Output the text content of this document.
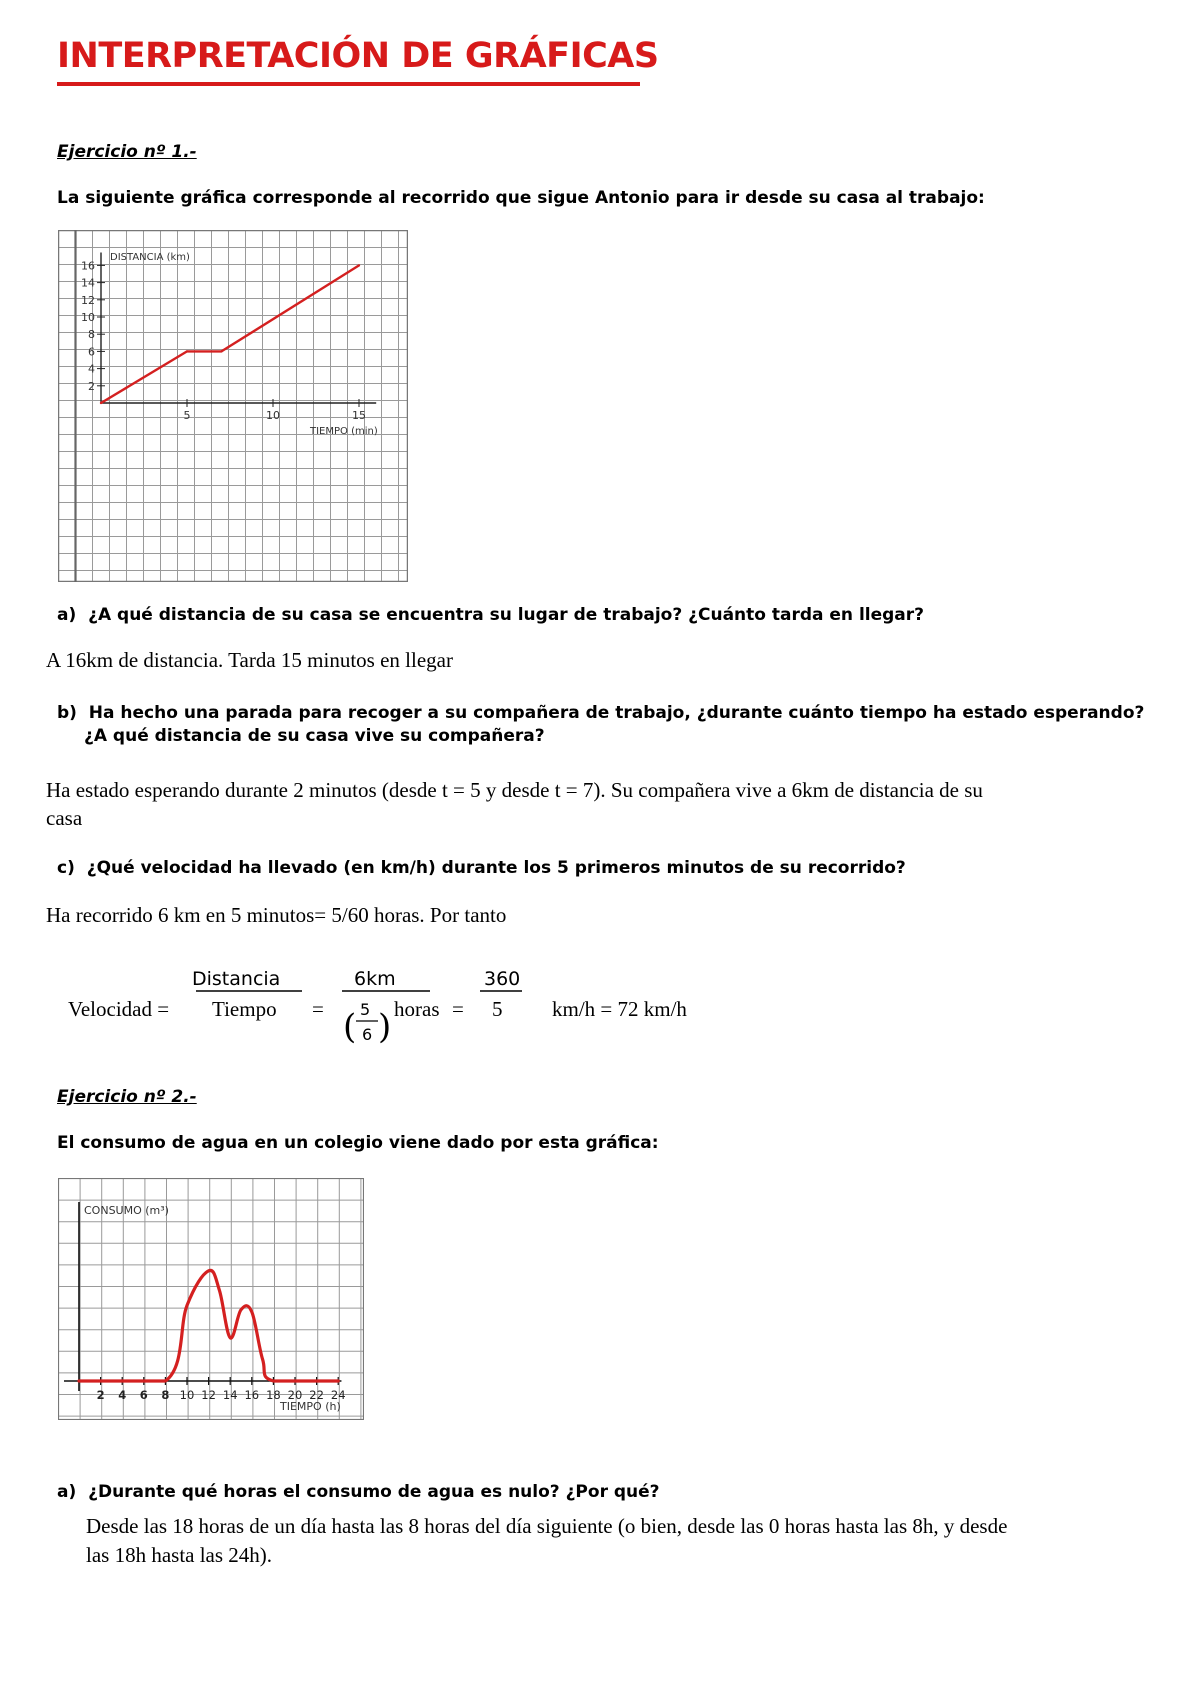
INTERPRETACIÓN DE GRÁFICAS
Ejercicio nº 1.-
La siguiente gráfica corresponde al recorrido que sigue Antonio para ir desde su casa al trabajo:
2
4
6
8
10
12
14
16
5	10	15
DISTANCIA (km)
TIEMPO (min)
a) ¿A qué distancia de su casa se encuentra su lugar de trabajo? ¿Cuánto tarda en llegar?
A 16km de distancia. Tarda 15 minutos en llegar
b) Ha hecho una parada para recoger a su compañera de trabajo, ¿durante cuánto tiempo ha estado esperando?
¿A qué distancia de su casa vive su compañera?
Ha estado esperando durante 2 minutos (desde t = 5 y desde t = 7). Su compañera vive a 6km de distancia de su
casa
c) ¿Qué velocidad ha llevado (en km/h) durante los 5 primeros minutos de su recorrido?
Ha recorrido 6 km en 5 minutos= 5/60 horas. Por tanto
Velocidad =
Distancia
Tiempo =
6km
( 5
6 ) horas =
360
5 km/h = 72 km/h
Ejercicio nº 2.-
El consumo de agua en un colegio viene dado por esta gráfica:
2 4 6 8 10 12 14 16 18 20 22 24
CONSUMO (m³)
TIEMPO (h)
a) ¿Durante qué horas el consumo de agua es nulo? ¿Por qué?
Desde las 18 horas de un día hasta las 8 horas del día siguiente (o bien, desde las 0 horas hasta las 8h, y desde
las 18h hasta las 24h).
